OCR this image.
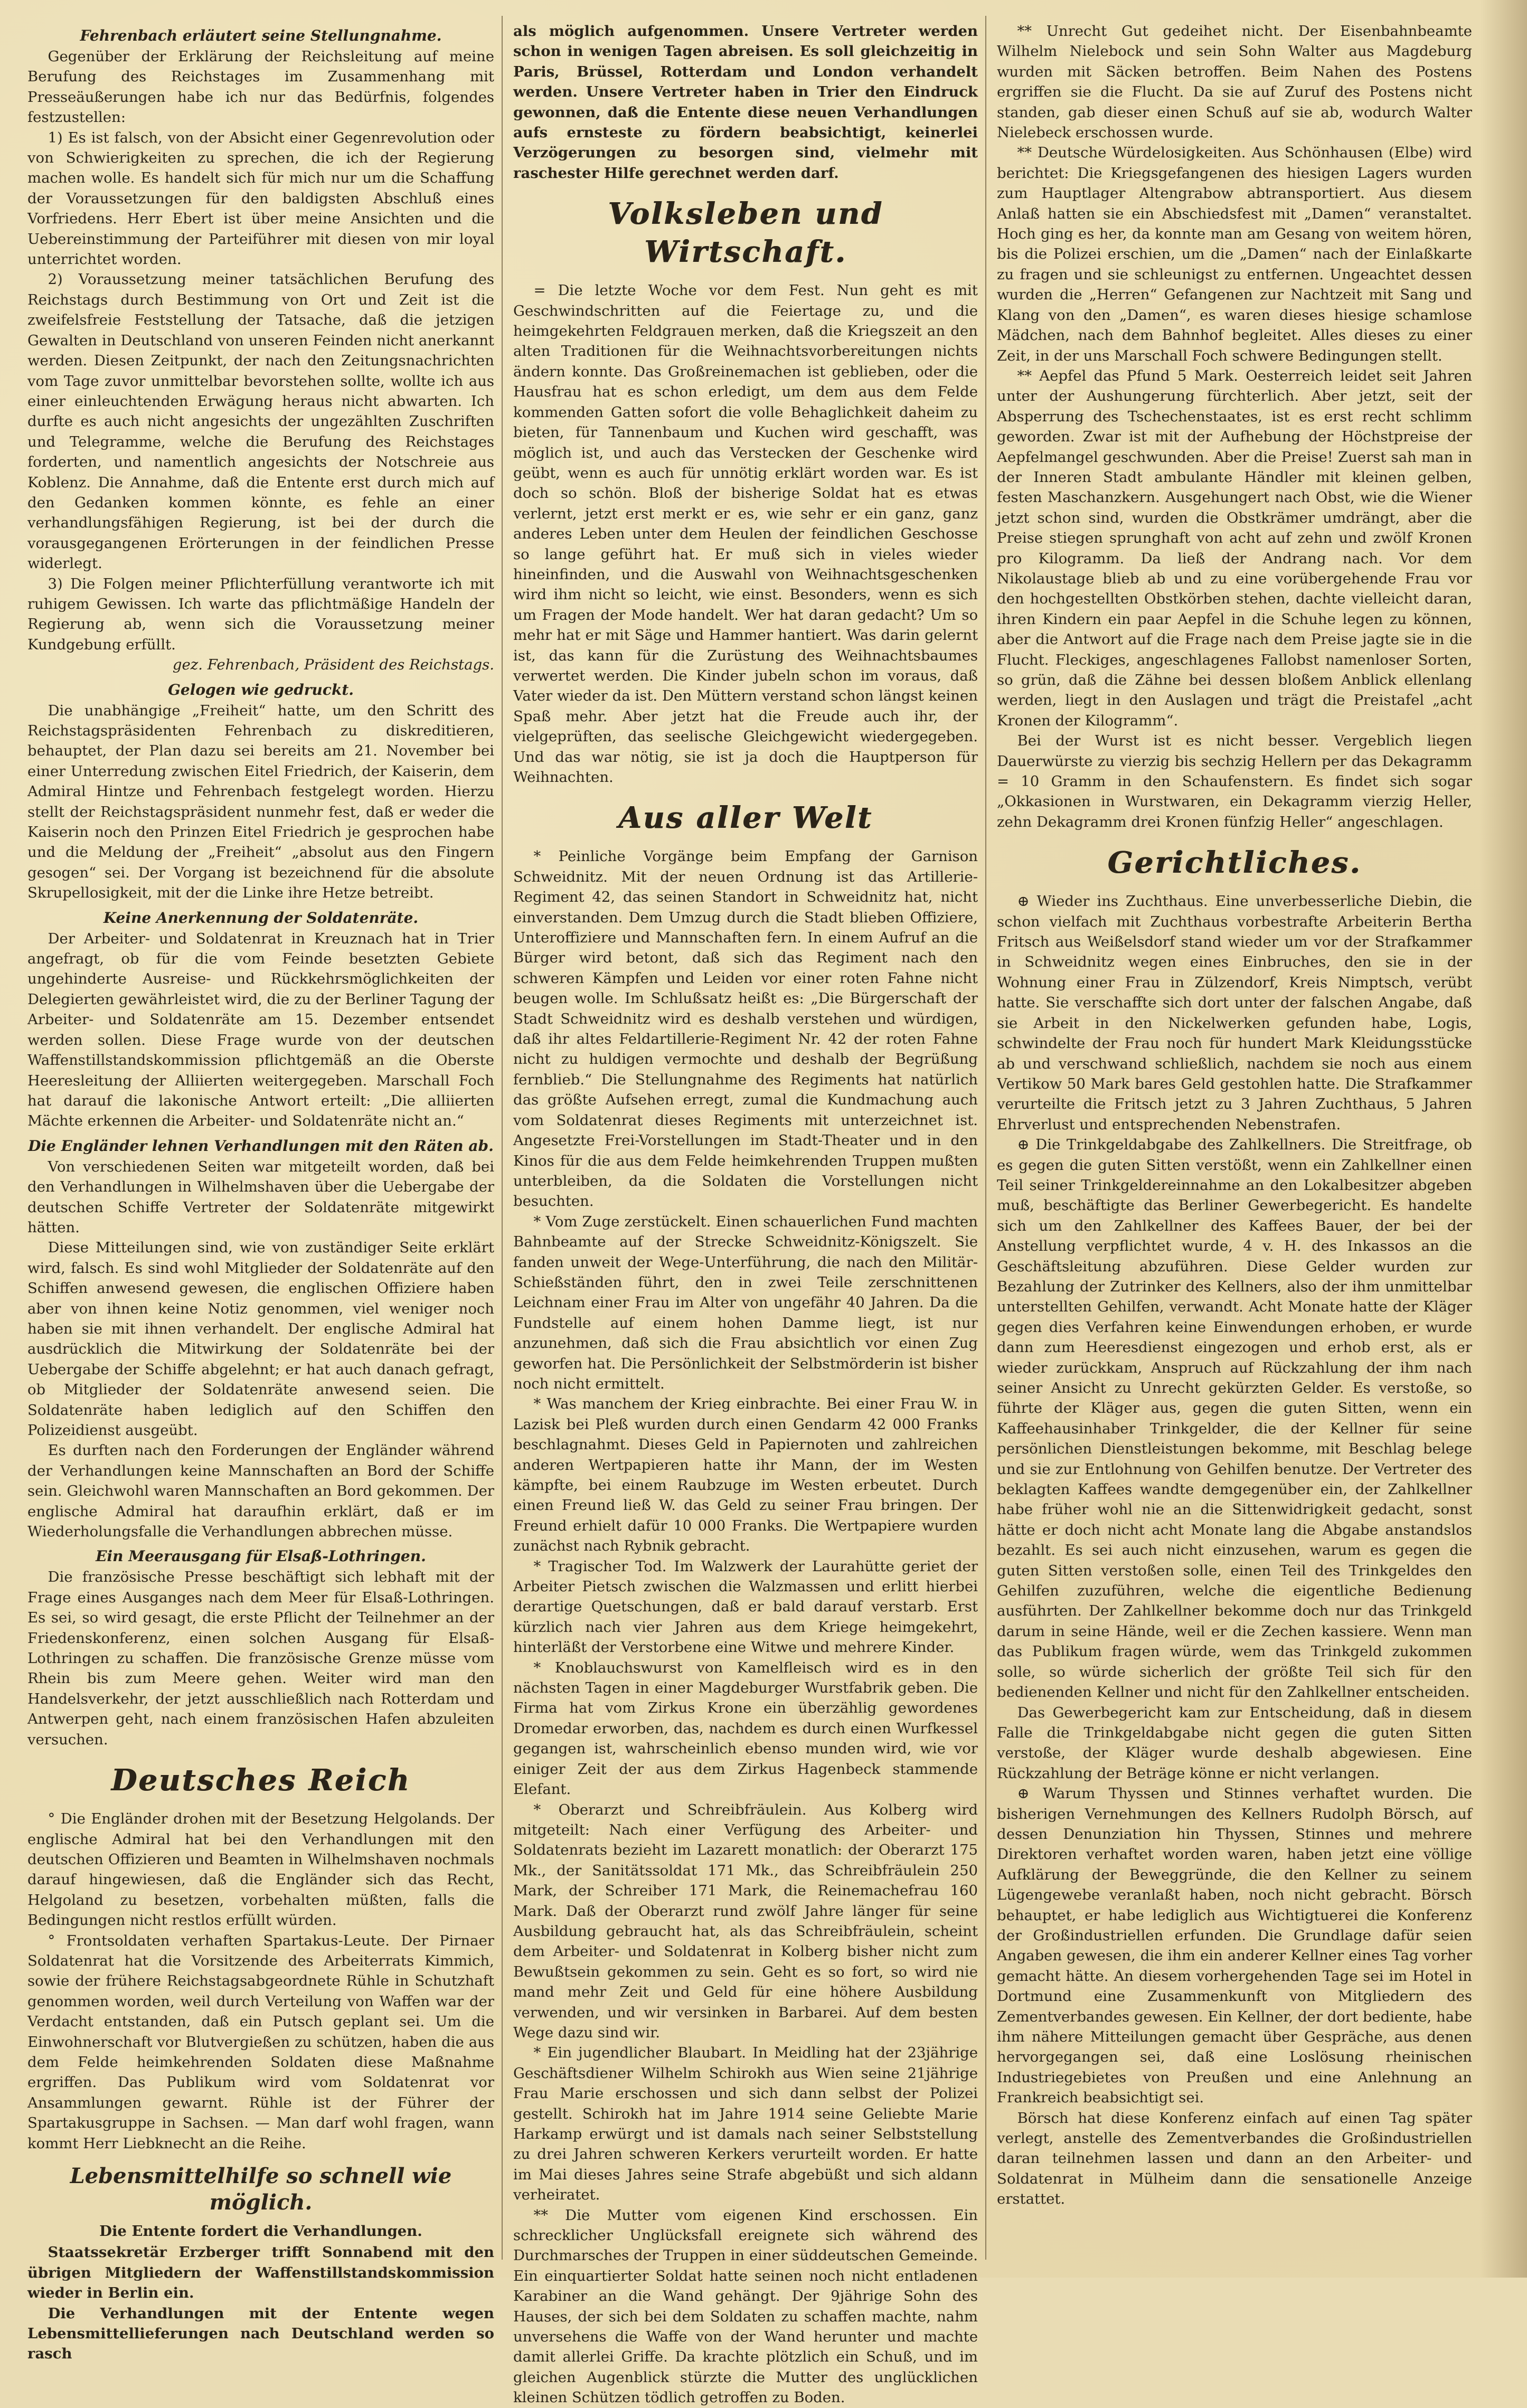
Fehrenbach erläutert seine Stellungnahme.

Gegenüber der Erklärung der Reichsleitung auf meine Berufung des Reichstages im Zusammenhang mit Presseäußerungen habe ich nur das Bedürfnis, folgendes festzustellen:

1) Es ist falsch, von der Absicht einer Gegenrevolution oder von Schwierigkeiten zu sprechen, die ich der Regierung machen wolle. Es handelt sich für mich nur um die Schaffung der Voraussetzungen für den baldigsten Abschluß eines Vorfriedens. Herr Ebert ist über meine Ansichten und die Uebereinstimmung der Parteiführer mit diesen von mir loyal unterrichtet worden.

2) Voraussetzung meiner tatsächlichen Berufung des Reichstags durch Bestimmung von Ort und Zeit ist die zweifelsfreie Feststellung der Tatsache, daß die jetzigen Gewalten in Deutschland von unseren Feinden nicht anerkannt werden. Diesen Zeitpunkt, der nach den Zeitungsnachrichten vom Tage zuvor unmittelbar bevorstehen sollte, wollte ich aus einer einleuchtenden Erwägung heraus nicht abwarten. Ich durfte es auch nicht angesichts der ungezählten Zuschriften und Telegramme, welche die Berufung des Reichstages forderten, und namentlich angesichts der Notschreie aus Koblenz. Die Annahme, daß die Entente erst durch mich auf den Gedanken kommen könnte, es fehle an einer verhandlungsfähigen Regierung, ist bei der durch die vorausgegangenen Erörterungen in der feindlichen Presse widerlegt.

3) Die Folgen meiner Pflichterfüllung verantworte ich mit ruhigem Gewissen. Ich warte das pflichtmäßige Handeln der Regierung ab, wenn sich die Voraussetzung meiner Kundgebung erfüllt.

gez. Fehrenbach, Präsident des Reichstags.

Gelogen wie gedruckt.

Die unabhängige „Freiheit“ hatte, um den Schritt des Reichstagspräsidenten Fehrenbach zu diskreditieren, behauptet, der Plan dazu sei bereits am 21. November bei einer Unterredung zwischen Eitel Friedrich, der Kaiserin, dem Admiral Hintze und Fehrenbach festgelegt worden. Hierzu stellt der Reichstagspräsident nunmehr fest, daß er weder die Kaiserin noch den Prinzen Eitel Friedrich je gesprochen habe und die Meldung der „Freiheit“ „absolut aus den Fingern gesogen“ sei. Der Vorgang ist bezeichnend für die absolute Skrupellosigkeit, mit der die Linke ihre Hetze betreibt.

Keine Anerkennung der Soldatenräte.

Der Arbeiter- und Soldatenrat in Kreuznach hat in Trier angefragt, ob für die vom Feinde besetzten Gebiete ungehinderte Ausreise- und Rückkehrsmöglichkeiten der Delegierten gewährleistet wird, die zu der Berliner Tagung der Arbeiter- und Soldatenräte am 15. Dezember entsendet werden sollen. Diese Frage wurde von der deutschen Waffenstillstandskommission pflichtgemäß an die Oberste Heeresleitung der Alliierten weitergegeben. Marschall Foch hat darauf die lakonische Antwort erteilt: „Die alliierten Mächte erkennen die Arbeiter- und Soldatenräte nicht an.“

Die Engländer lehnen Verhandlungen mit den Räten ab.

Von verschiedenen Seiten war mitgeteilt worden, daß bei den Verhandlungen in Wilhelmshaven über die Uebergabe der deutschen Schiffe Vertreter der Soldatenräte mitgewirkt hätten.

Diese Mitteilungen sind, wie von zuständiger Seite erklärt wird, falsch. Es sind wohl Mitglieder der Soldatenräte auf den Schiffen anwesend gewesen, die englischen Offiziere haben aber von ihnen keine Notiz genommen, viel weniger noch haben sie mit ihnen verhandelt. Der englische Admiral hat ausdrücklich die Mitwirkung der Soldatenräte bei der Uebergabe der Schiffe abgelehnt; er hat auch danach gefragt, ob Mitglieder der Soldatenräte anwesend seien. Die Soldatenräte haben lediglich auf den Schiffen den Polizeidienst ausgeübt.

Es durften nach den Forderungen der Engländer während der Verhandlungen keine Mannschaften an Bord der Schiffe sein. Gleichwohl waren Mannschaften an Bord gekommen. Der englische Admiral hat daraufhin erklärt, daß er im Wiederholungsfalle die Verhandlungen abbrechen müsse.

Ein Meerausgang für Elsaß-Lothringen.

Die französische Presse beschäftigt sich lebhaft mit der Frage eines Ausganges nach dem Meer für Elsaß-Lothringen. Es sei, so wird gesagt, die erste Pflicht der Teilnehmer an der Friedenskonferenz, einen solchen Ausgang für Elsaß-Lothringen zu schaffen. Die französische Grenze müsse vom Rhein bis zum Meere gehen. Weiter wird man den Handelsverkehr, der jetzt ausschließlich nach Rotterdam und Antwerpen geht, nach einem französischen Hafen abzuleiten versuchen.

Deutsches Reich

° Die Engländer drohen mit der Besetzung Helgolands. Der englische Admiral hat bei den Verhandlungen mit den deutschen Offizieren und Beamten in Wilhelmshaven nochmals darauf hingewiesen, daß die Engländer sich das Recht, Helgoland zu besetzen, vorbehalten müßten, falls die Bedingungen nicht restlos erfüllt würden.

° Frontsoldaten verhaften Spartakus-Leute. Der Pirnaer Soldatenrat hat die Vorsitzende des Arbeiterrats Kimmich, sowie der frühere Reichstagsabgeordnete Rühle in Schutzhaft genommen worden, weil durch Verteilung von Waffen war der Verdacht entstanden, daß ein Putsch geplant sei. Um die Einwohnerschaft vor Blutvergießen zu schützen, haben die aus dem Felde heimkehrenden Soldaten diese Maßnahme ergriffen. Das Publikum wird vom Soldatenrat vor Ansammlungen gewarnt. Rühle ist der Führer der Spartakusgruppe in Sachsen. — Man darf wohl fragen, wann kommt Herr Liebknecht an die Reihe.

Lebensmittelhilfe so schnell wie möglich.
Die Entente fordert die Verhandlungen.

Staatssekretär Erzberger trifft Sonnabend mit den übrigen Mitgliedern der Waffenstillstandskommission wieder in Berlin ein.

Die Verhandlungen mit der Entente wegen Lebensmittellieferungen nach Deutschland werden so rasch

als möglich aufgenommen. Unsere Vertreter werden schon in wenigen Tagen abreisen. Es soll gleichzeitig in Paris, Brüssel, Rotterdam und London verhandelt werden. Unsere Vertreter haben in Trier den Eindruck gewonnen, daß die Entente diese neuen Verhandlungen aufs ernsteste zu fördern beabsichtigt, keinerlei Verzögerungen zu besorgen sind, vielmehr mit raschester Hilfe gerechnet werden darf.

Volksleben und Wirtschaft.

= Die letzte Woche vor dem Fest. Nun geht es mit Geschwindschritten auf die Feiertage zu, und die heimgekehrten Feldgrauen merken, daß die Kriegszeit an den alten Traditionen für die Weihnachtsvorbereitungen nichts ändern konnte. Das Großreinemachen ist geblieben, oder die Hausfrau hat es schon erledigt, um dem aus dem Felde kommenden Gatten sofort die volle Behaglichkeit daheim zu bieten, für Tannenbaum und Kuchen wird geschafft, was möglich ist, und auch das Verstecken der Geschenke wird geübt, wenn es auch für unnötig erklärt worden war. Es ist doch so schön. Bloß der bisherige Soldat hat es etwas verlernt, jetzt erst merkt er es, wie sehr er ein ganz, ganz anderes Leben unter dem Heulen der feindlichen Geschosse so lange geführt hat. Er muß sich in vieles wieder hineinfinden, und die Auswahl von Weihnachtsgeschenken wird ihm nicht so leicht, wie einst. Besonders, wenn es sich um Fragen der Mode handelt. Wer hat daran gedacht? Um so mehr hat er mit Säge und Hammer hantiert. Was darin gelernt ist, das kann für die Zurüstung des Weihnachtsbaumes verwertet werden. Die Kinder jubeln schon im voraus, daß Vater wieder da ist. Den Müttern verstand schon längst keinen Spaß mehr. Aber jetzt hat die Freude auch ihr, der vielgeprüften, das seelische Gleichgewicht wiedergegeben. Und das war nötig, sie ist ja doch die Hauptperson für Weihnachten.

Aus aller Welt

* Peinliche Vorgänge beim Empfang der Garnison Schweidnitz. Mit der neuen Ordnung ist das Artillerie-Regiment 42, das seinen Standort in Schweidnitz hat, nicht einverstanden. Dem Umzug durch die Stadt blieben Offiziere, Unteroffiziere und Mannschaften fern. In einem Aufruf an die Bürger wird betont, daß sich das Regiment nach den schweren Kämpfen und Leiden vor einer roten Fahne nicht beugen wolle. Im Schlußsatz heißt es: „Die Bürgerschaft der Stadt Schweidnitz wird es deshalb verstehen und würdigen, daß ihr altes Feldartillerie-Regiment Nr. 42 der roten Fahne nicht zu huldigen vermochte und deshalb der Begrüßung fernblieb.“ Die Stellungnahme des Regiments hat natürlich das größte Aufsehen erregt, zumal die Kundmachung auch vom Soldatenrat dieses Regiments mit unterzeichnet ist. Angesetzte Frei-Vorstellungen im Stadt-Theater und in den Kinos für die aus dem Felde heimkehrenden Truppen mußten unterbleiben, da die Soldaten die Vorstellungen nicht besuchten.

* Vom Zuge zerstückelt. Einen schauerlichen Fund machten Bahnbeamte auf der Strecke Schweidnitz-Königszelt. Sie fanden unweit der Wege-Unterführung, die nach den Militär-Schießständen führt, den in zwei Teile zerschnittenen Leichnam einer Frau im Alter von ungefähr 40 Jahren. Da die Fundstelle auf einem hohen Damme liegt, ist nur anzunehmen, daß sich die Frau absichtlich vor einen Zug geworfen hat. Die Persönlichkeit der Selbstmörderin ist bisher noch nicht ermittelt.

* Was manchem der Krieg einbrachte. Bei einer Frau W. in Lazisk bei Pleß wurden durch einen Gendarm 42 000 Franks beschlagnahmt. Dieses Geld in Papiernoten und zahlreichen anderen Wertpapieren hatte ihr Mann, der im Westen kämpfte, bei einem Raubzuge im Westen erbeutet. Durch einen Freund ließ W. das Geld zu seiner Frau bringen. Der Freund erhielt dafür 10 000 Franks. Die Wertpapiere wurden zunächst nach Rybnik gebracht.

* Tragischer Tod. Im Walzwerk der Laurahütte geriet der Arbeiter Pietsch zwischen die Walzmassen und erlitt hierbei derartige Quetschungen, daß er bald darauf verstarb. Erst kürzlich nach vier Jahren aus dem Kriege heimgekehrt, hinterläßt der Verstorbene eine Witwe und mehrere Kinder.

* Knoblauchswurst von Kamelfleisch wird es in den nächsten Tagen in einer Magdeburger Wurstfabrik geben. Die Firma hat vom Zirkus Krone ein überzählig gewordenes Dromedar erworben, das, nachdem es durch einen Wurfkessel gegangen ist, wahrscheinlich ebenso munden wird, wie vor einiger Zeit der aus dem Zirkus Hagenbeck stammende Elefant.

* Oberarzt und Schreibfräulein. Aus Kolberg wird mitgeteilt: Nach einer Verfügung des Arbeiter- und Soldatenrats bezieht im Lazarett monatlich: der Oberarzt 175 Mk., der Sanitätssoldat 171 Mk., das Schreibfräulein 250 Mark, der Schreiber 171 Mark, die Reinemachefrau 160 Mark. Daß der Oberarzt rund zwölf Jahre länger für seine Ausbildung gebraucht hat, als das Schreibfräulein, scheint dem Arbeiter- und Soldatenrat in Kolberg bisher nicht zum Bewußtsein gekommen zu sein. Geht es so fort, so wird nie mand mehr Zeit und Geld für eine höhere Ausbildung verwenden, und wir versinken in Barbarei. Auf dem besten Wege dazu sind wir.

* Ein jugendlicher Blaubart. In Meidling hat der 23jährige Geschäftsdiener Wilhelm Schirokh aus Wien seine 21jährige Frau Marie erschossen und sich dann selbst der Polizei gestellt. Schirokh hat im Jahre 1914 seine Geliebte Marie Harkamp erwürgt und ist damals nach seiner Selbststellung zu drei Jahren schweren Kerkers verurteilt worden. Er hatte im Mai dieses Jahres seine Strafe abgebüßt und sich aldann verheiratet.

** Die Mutter vom eigenen Kind erschossen. Ein schrecklicher Unglücksfall ereignete sich während des Durchmarsches der Truppen in einer süddeutschen Gemeinde. Ein einquartierter Soldat hatte seinen noch nicht entladenen Karabiner an die Wand gehängt. Der 9jährige Sohn des Hauses, der sich bei dem Soldaten zu schaffen machte, nahm unversehens die Waffe von der Wand herunter und machte damit allerlei Griffe. Da krachte plötzlich ein Schuß, und im gleichen Augenblick stürzte die Mutter des unglücklichen kleinen Schützen tödlich getroffen zu Boden.

** Unrecht Gut gedeihet nicht. Der Eisenbahnbeamte Wilhelm Nielebock und sein Sohn Walter aus Magdeburg wurden mit Säcken betroffen. Beim Nahen des Postens ergriffen sie die Flucht. Da sie auf Zuruf des Postens nicht standen, gab dieser einen Schuß auf sie ab, wodurch Walter Nielebeck erschossen wurde.

** Deutsche Würdelosigkeiten. Aus Schönhausen (Elbe) wird berichtet: Die Kriegsgefangenen des hiesigen Lagers wurden zum Hauptlager Altengrabow abtransportiert. Aus diesem Anlaß hatten sie ein Abschiedsfest mit „Damen“ veranstaltet. Hoch ging es her, da konnte man am Gesang von weitem hören, bis die Polizei erschien, um die „Damen“ nach der Einlaßkarte zu fragen und sie schleunigst zu entfernen. Ungeachtet dessen wurden die „Herren“ Gefangenen zur Nachtzeit mit Sang und Klang von den „Damen“, es waren dieses hiesige schamlose Mädchen, nach dem Bahnhof begleitet. Alles dieses zu einer Zeit, in der uns Marschall Foch schwere Bedingungen stellt.

** Aepfel das Pfund 5 Mark. Oesterreich leidet seit Jahren unter der Aushungerung fürchterlich. Aber jetzt, seit der Absperrung des Tschechenstaates, ist es erst recht schlimm geworden. Zwar ist mit der Aufhebung der Höchstpreise der Aepfelmangel geschwunden. Aber die Preise! Zuerst sah man in der Inneren Stadt ambulante Händler mit kleinen gelben, festen Maschanzkern. Ausgehungert nach Obst, wie die Wiener jetzt schon sind, wurden die Obstkrämer umdrängt, aber die Preise stiegen sprunghaft von acht auf zehn und zwölf Kronen pro Kilogramm. Da ließ der Andrang nach. Vor dem Nikolaustage blieb ab und zu eine vorübergehende Frau vor den hochgestellten Obstkörben stehen, dachte vielleicht daran, ihren Kindern ein paar Aepfel in die Schuhe legen zu können, aber die Antwort auf die Frage nach dem Preise jagte sie in die Flucht. Fleckiges, angeschlagenes Fallobst namenloser Sorten, so grün, daß die Zähne bei dessen bloßem Anblick ellenlang werden, liegt in den Auslagen und trägt die Preistafel „acht Kronen der Kilogramm“.

Bei der Wurst ist es nicht besser. Vergeblich liegen Dauerwürste zu vierzig bis sechzig Hellern per das Dekagramm = 10 Gramm in den Schaufenstern. Es findet sich sogar „Okkasionen in Wurstwaren, ein Dekagramm vierzig Heller, zehn Dekagramm drei Kronen fünfzig Heller“ angeschlagen.

Gerichtliches.

⊕ Wieder ins Zuchthaus. Eine unverbesserliche Diebin, die schon vielfach mit Zuchthaus vorbestrafte Arbeiterin Bertha Fritsch aus Weißelsdorf stand wieder um vor der Strafkammer in Schweidnitz wegen eines Einbruches, den sie in der Wohnung einer Frau in Zülzendorf, Kreis Nimptsch, verübt hatte. Sie verschaffte sich dort unter der falschen Angabe, daß sie Arbeit in den Nickelwerken gefunden habe, Logis, schwindelte der Frau noch für hundert Mark Kleidungsstücke ab und verschwand schließlich, nachdem sie noch aus einem Vertikow 50 Mark bares Geld gestohlen hatte. Die Strafkammer verurteilte die Fritsch jetzt zu 3 Jahren Zuchthaus, 5 Jahren Ehrverlust und entsprechenden Nebenstrafen.

⊕ Die Trinkgeldabgabe des Zahlkellners. Die Streitfrage, ob es gegen die guten Sitten verstößt, wenn ein Zahlkellner einen Teil seiner Trinkgeldereinnahme an den Lokalbesitzer abgeben muß, beschäftigte das Berliner Gewerbegericht. Es handelte sich um den Zahlkellner des Kaffees Bauer, der bei der Anstellung verpflichtet wurde, 4 v. H. des Inkassos an die Geschäftsleitung abzuführen. Diese Gelder wurden zur Bezahlung der Zutrinker des Kellners, also der ihm unmittelbar unterstellten Gehilfen, verwandt. Acht Monate hatte der Kläger gegen dies Verfahren keine Einwendungen erhoben, er wurde dann zum Heeresdienst eingezogen und erhob erst, als er wieder zurückkam, Anspruch auf Rückzahlung der ihm nach seiner Ansicht zu Unrecht gekürzten Gelder. Es verstoße, so führte der Kläger aus, gegen die guten Sitten, wenn ein Kaffeehausinhaber Trinkgelder, die der Kellner für seine persönlichen Dienstleistungen bekomme, mit Beschlag belege und sie zur Entlohnung von Gehilfen benutze. Der Vertreter des beklagten Kaffees wandte demgegenüber ein, der Zahlkellner habe früher wohl nie an die Sittenwidrigkeit gedacht, sonst hätte er doch nicht acht Monate lang die Abgabe anstandslos bezahlt. Es sei auch nicht einzusehen, warum es gegen die guten Sitten verstoßen solle, einen Teil des Trinkgeldes den Gehilfen zuzuführen, welche die eigentliche Bedienung ausführten. Der Zahlkellner bekomme doch nur das Trinkgeld darum in seine Hände, weil er die Zechen kassiere. Wenn man das Publikum fragen würde, wem das Trinkgeld zukommen solle, so würde sicherlich der größte Teil sich für den bedienenden Kellner und nicht für den Zahlkellner entscheiden.

Das Gewerbegericht kam zur Entscheidung, daß in diesem Falle die Trinkgeldabgabe nicht gegen die guten Sitten verstoße, der Kläger wurde deshalb abgewiesen. Eine Rückzahlung der Beträge könne er nicht verlangen.

⊕ Warum Thyssen und Stinnes verhaftet wurden. Die bisherigen Vernehmungen des Kellners Rudolph Börsch, auf dessen Denunziation hin Thyssen, Stinnes und mehrere Direktoren verhaftet worden waren, haben jetzt eine völlige Aufklärung der Beweggründe, die den Kellner zu seinem Lügengewebe veranlaßt haben, noch nicht gebracht. Börsch behauptet, er habe lediglich aus Wichtigtuerei die Konferenz der Großindustriellen erfunden. Die Grundlage dafür seien Angaben gewesen, die ihm ein anderer Kellner eines Tag vorher gemacht hätte. An diesem vorhergehenden Tage sei im Hotel in Dortmund eine Zusammenkunft von Mitgliedern des Zementverbandes gewesen. Ein Kellner, der dort bediente, habe ihm nähere Mitteilungen gemacht über Gespräche, aus denen hervorgegangen sei, daß eine Loslösung rheinischen Industriegebietes von Preußen und eine Anlehnung an Frankreich beabsichtigt sei.

Börsch hat diese Konferenz einfach auf einen Tag später verlegt, anstelle des Zementverbandes die Großindustriellen daran teilnehmen lassen und dann an den Arbeiter- und Soldatenrat in Mülheim dann die sensationelle Anzeige erstattet.
